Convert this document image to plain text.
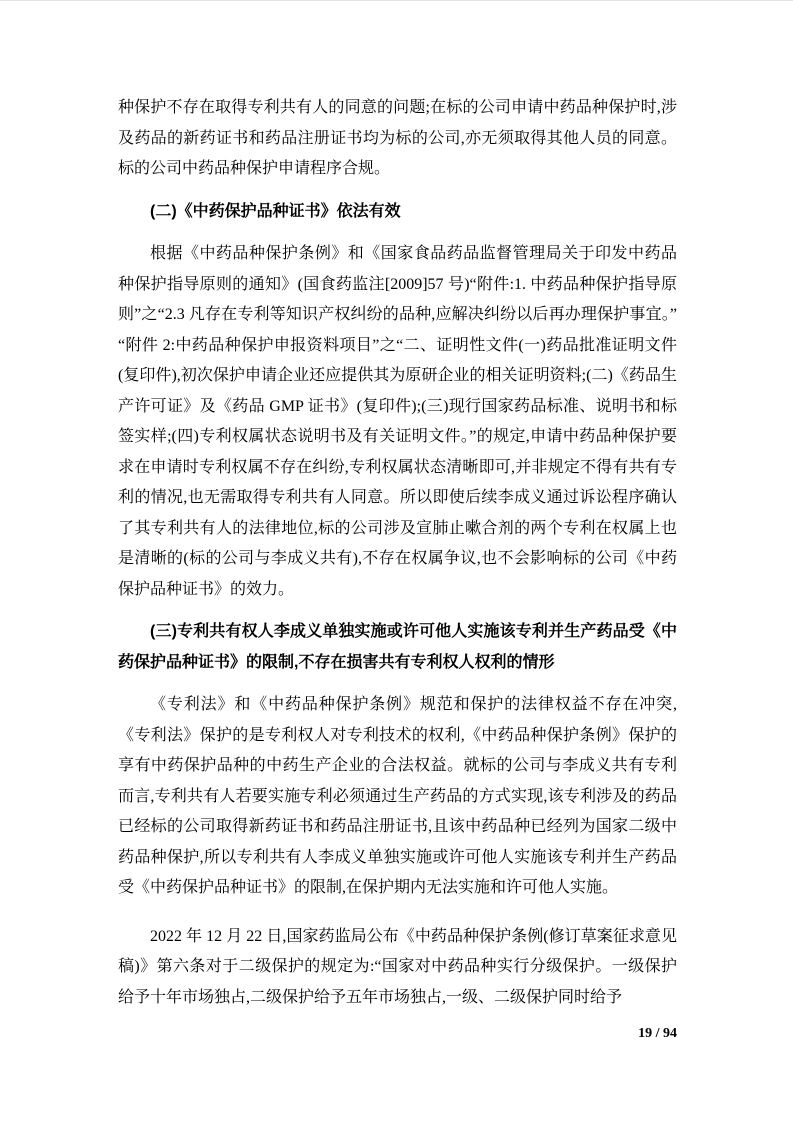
种保护不存在取得专利共有人的同意的问题;在标的公司申请中药品种保护时,涉及药品的新药证书和药品注册证书均为标的公司,亦无须取得其他人员的同意。标的公司中药品种保护申请程序合规。

(二)《中药保护品种证书》依法有效

根据《中药品种保护条例》和《国家食品药品监督管理局关于印发中药品种保护指导原则的通知》(国食药监注[2009]57 号)“附件:1. 中药品种保护指导原则”之“2.3 凡存在专利等知识产权纠纷的品种,应解决纠纷以后再办理保护事宜。” “附件 2:中药品种保护申报资料项目”之“二、证明性文件(一)药品批准证明文件(复印件),初次保护申请企业还应提供其为原研企业的相关证明资料;(二)《药品生产许可证》及《药品 GMP 证书》(复印件);(三)现行国家药品标准、说明书和标签实样;(四)专利权属状态说明书及有关证明文件。”的规定,申请中药品种保护要求在申请时专利权属不存在纠纷,专利权属状态清晰即可,并非规定不得有共有专利的情况,也无需取得专利共有人同意。所以即使后续李成义通过诉讼程序确认了其专利共有人的法律地位,标的公司涉及宣肺止嗽合剂的两个专利在权属上也是清晰的(标的公司与李成义共有),不存在权属争议,也不会影响标的公司《中药保护品种证书》的效力。

(三)专利共有权人李成义单独实施或许可他人实施该专利并生产药品受《中药保护品种证书》的限制,不存在损害共有专利权人权利的情形

《专利法》和《中药品种保护条例》规范和保护的法律权益不存在冲突,《专利法》保护的是专利权人对专利技术的权利,《中药品种保护条例》保护的享有中药保护品种的中药生产企业的合法权益。就标的公司与李成义共有专利而言,专利共有人若要实施专利必须通过生产药品的方式实现,该专利涉及的药品已经标的公司取得新药证书和药品注册证书,且该中药品种已经列为国家二级中药品种保护,所以专利共有人李成义单独实施或许可他人实施该专利并生产药品受《中药保护品种证书》的限制,在保护期内无法实施和许可他人实施。

2022 年 12 月 22 日,国家药监局公布《中药品种保护条例(修订草案征求意见稿)》第六条对于二级保护的规定为:“国家对中药品种实行分级保护。一级保护给予十年市场独占,二级保护给予五年市场独占,一级、二级保护同时给予

19 / 94
